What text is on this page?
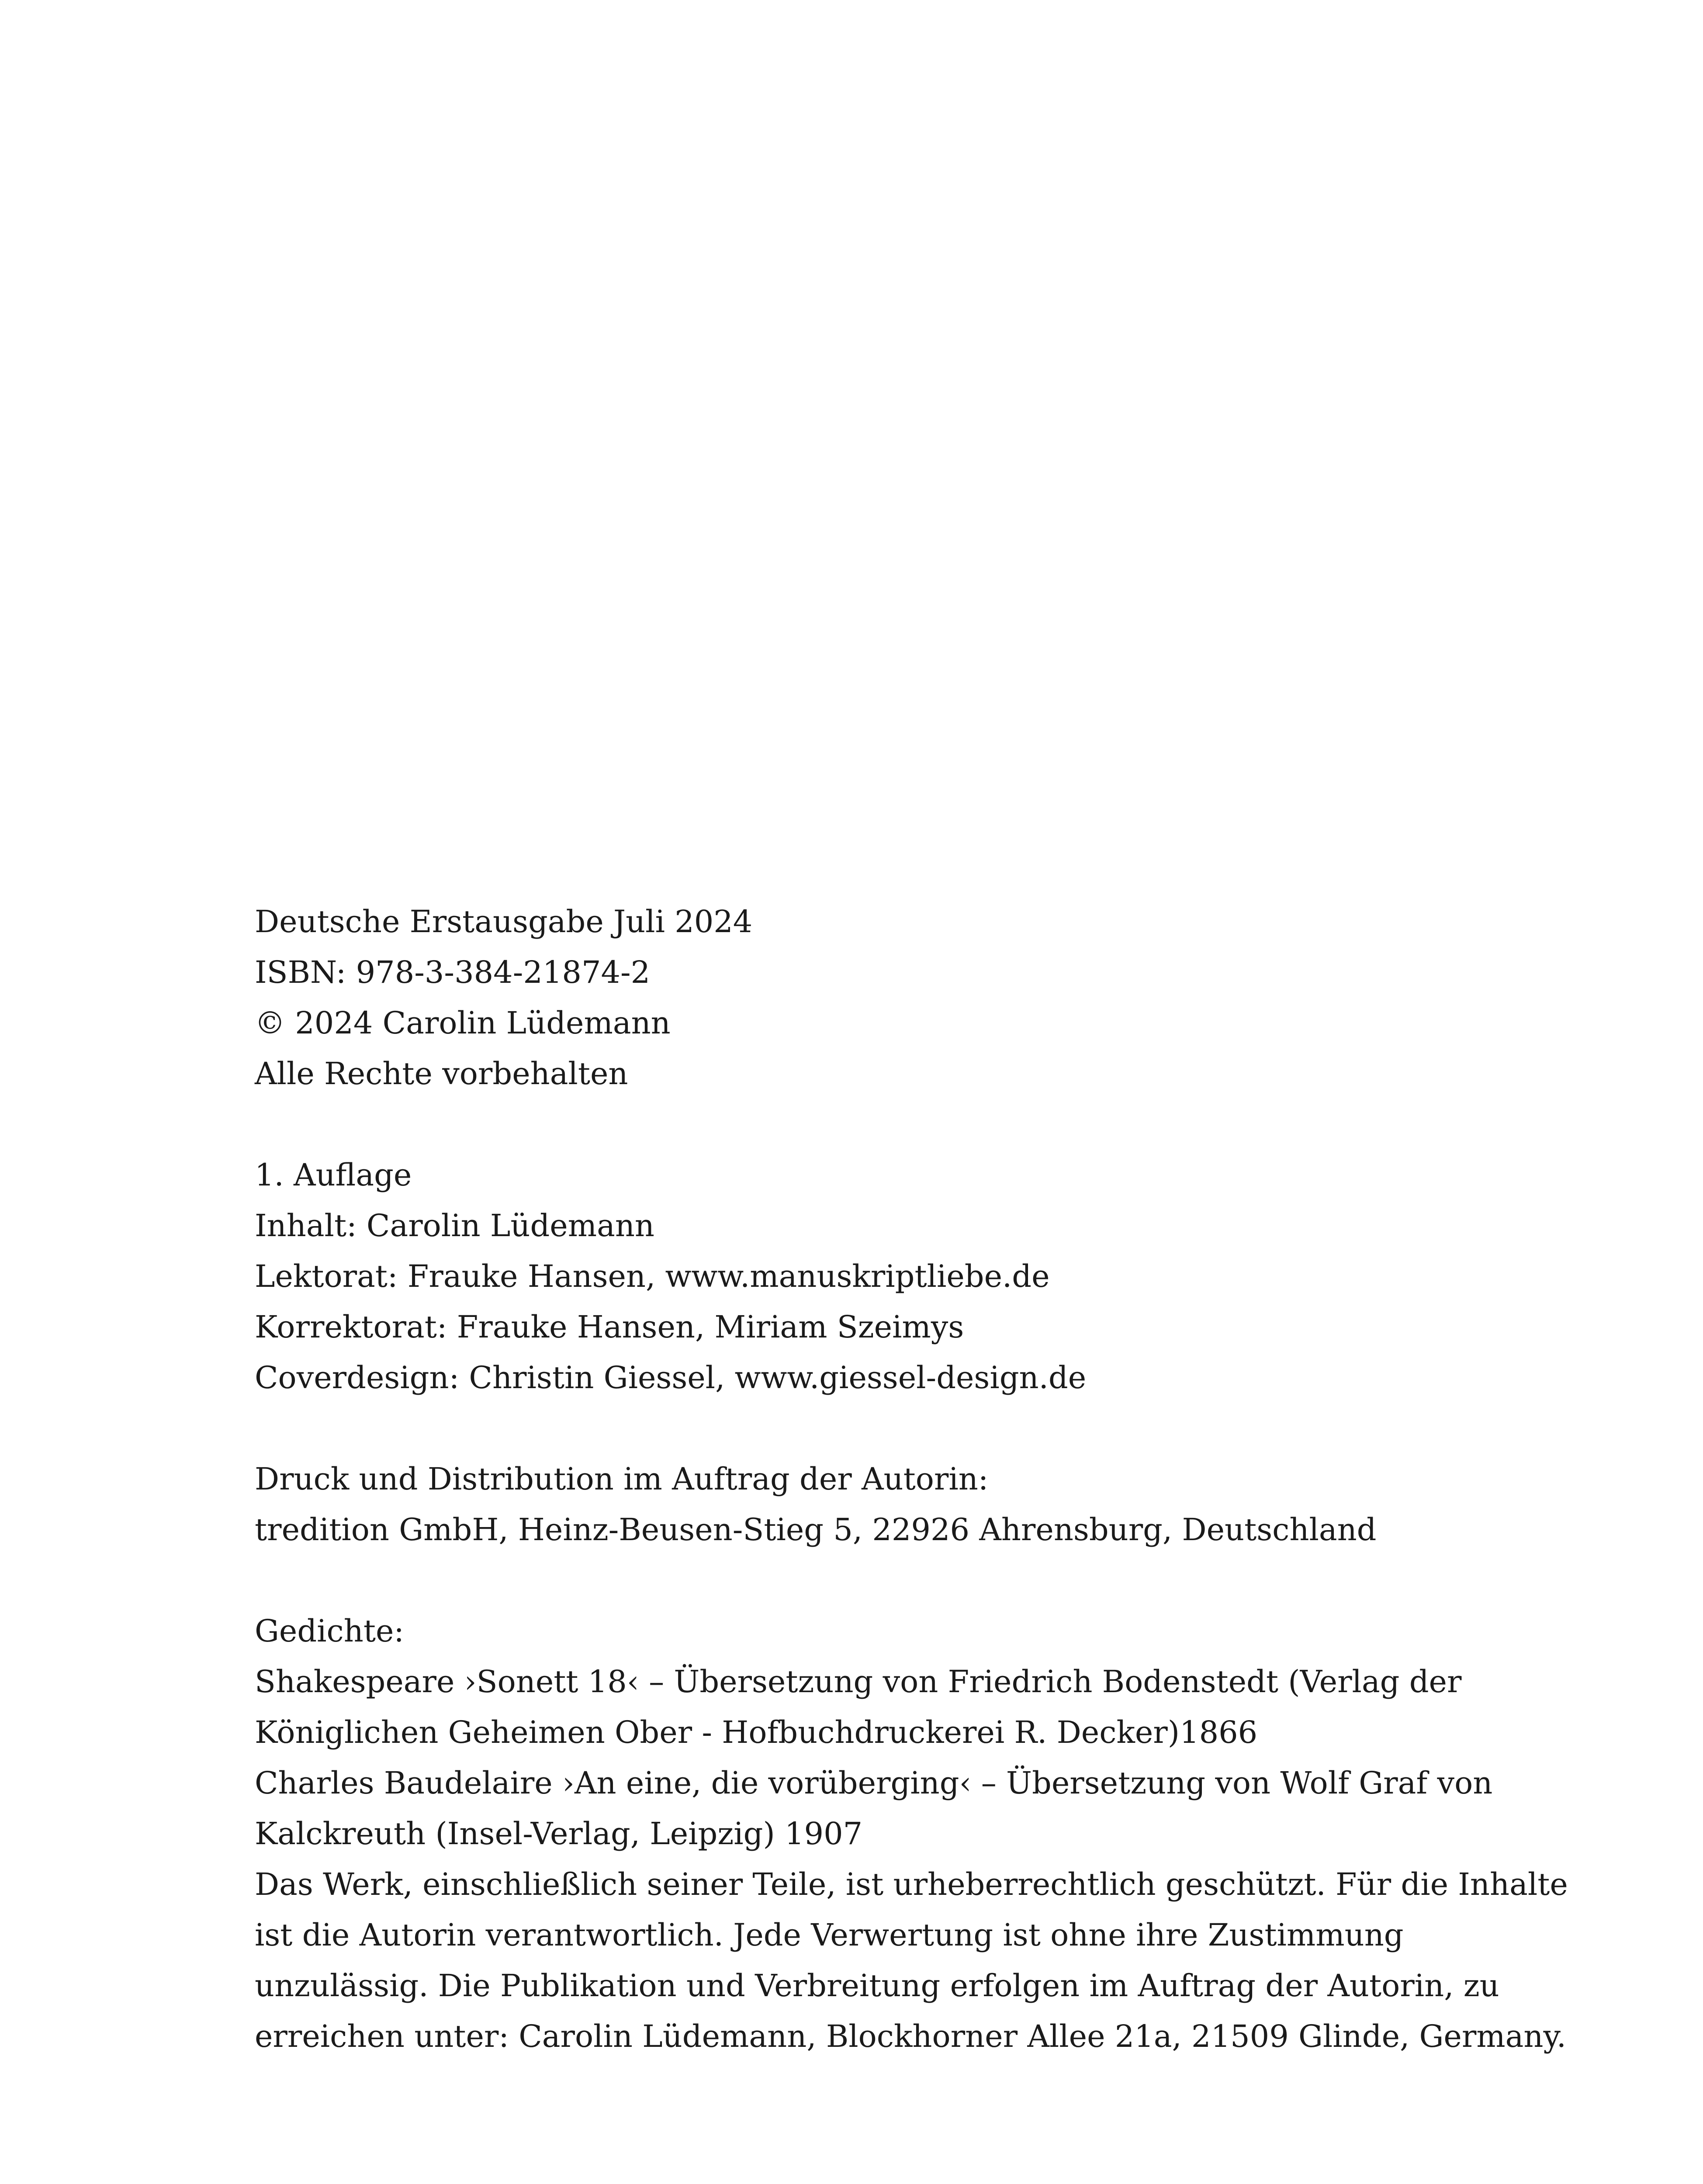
Deutsche Erstausgabe Juli 2024
ISBN: 978-3-384-21874-2
© 2024 Carolin Lüdemann
Alle Rechte vorbehalten
1. Auflage
Inhalt: Carolin Lüdemann
Lektorat: Frauke Hansen, www.manuskriptliebe.de
Korrektorat: Frauke Hansen, Miriam Szeimys
Coverdesign: Christin Giessel, www.giessel-design.de
Druck und Distribution im Auftrag der Autorin:
tredition GmbH, Heinz-Beusen-Stieg 5, 22926 Ahrensburg, Deutschland
Gedichte:
Shakespeare ›Sonett 18‹ – Übersetzung von Friedrich Bodenstedt (Verlag der
Königlichen Geheimen Ober - Hofbuchdruckerei R. Decker)1866
Charles Baudelaire ›An eine, die vorüberging‹ – Übersetzung von Wolf Graf von
Kalckreuth (Insel-Verlag, Leipzig) 1907
Das Werk, einschließlich seiner Teile, ist urheberrechtlich geschützt. Für die Inhalte
ist die Autorin verantwortlich. Jede Verwertung ist ohne ihre Zustimmung
unzulässig. Die Publikation und Verbreitung erfolgen im Auftrag der Autorin, zu
erreichen unter: Carolin Lüdemann, Blockhorner Allee 21a, 21509 Glinde, Germany.
